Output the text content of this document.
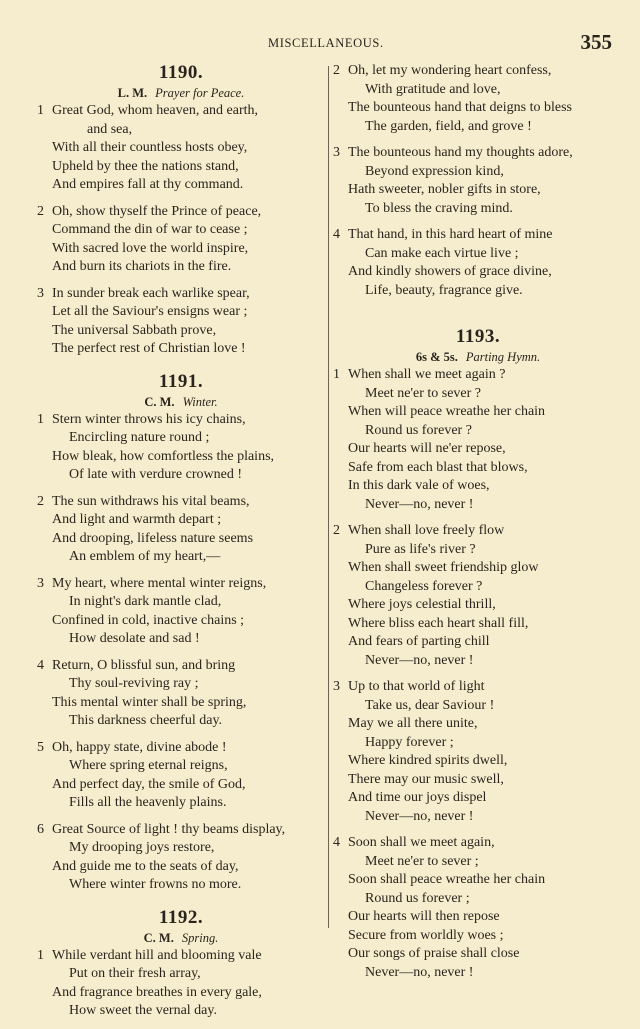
MISCELLANEOUS.	355
1190.
L. M. Prayer for Peace.
1 Great God, whom heaven, and earth,
and sea,
With all their countless hosts obey,
Upheld by thee the nations stand,
And empires fall at thy command.
2 Oh, show thyself the Prince of peace,
Command the din of war to cease ;
With sacred love the world inspire,
And burn its chariots in the fire.
3 In sunder break each warlike spear,
Let all the Saviour's ensigns wear ;
The universal Sabbath prove,
The perfect rest of Christian love !
1191.
C. M. Winter.
1 Stern winter throws his icy chains,
Encircling nature round ;
How bleak, how comfortless the plains,
Of late with verdure crowned !
2 The sun withdraws his vital beams,
And light and warmth depart ;
And drooping, lifeless nature seems
An emblem of my heart,—
3 My heart, where mental winter reigns,
In night's dark mantle clad,
Confined in cold, inactive chains ;
How desolate and sad !
4 Return, O blissful sun, and bring
Thy soul-reviving ray ;
This mental winter shall be spring,
This darkness cheerful day.
5 Oh, happy state, divine abode !
Where spring eternal reigns,
And perfect day, the smile of God,
Fills all the heavenly plains.
6 Great Source of light ! thy beams display,
My drooping joys restore,
And guide me to the seats of day,
Where winter frowns no more.
1192.
C. M. Spring.
1 While verdant hill and blooming vale
Put on their fresh array,
And fragrance breathes in every gale,
How sweet the vernal day.
2 Oh, let my wondering heart confess,
With gratitude and love,
The bounteous hand that deigns to bless
The garden, field, and grove !
3 The bounteous hand my thoughts adore,
Beyond expression kind,
Hath sweeter, nobler gifts in store,
To bless the craving mind.
4 That hand, in this hard heart of mine
Can make each virtue live ;
And kindly showers of grace divine,
Life, beauty, fragrance give.
1193.
6s & 5s. Parting Hymn.
1 When shall we meet again ?
Meet ne'er to sever ?
When will peace wreathe her chain
Round us forever ?
Our hearts will ne'er repose,
Safe from each blast that blows,
In this dark vale of woes,
Never—no, never !
2 When shall love freely flow
Pure as life's river ?
When shall sweet friendship glow
Changeless forever ?
Where joys celestial thrill,
Where bliss each heart shall fill,
And fears of parting chill
Never—no, never !
3 Up to that world of light
Take us, dear Saviour !
May we all there unite,
Happy forever ;
Where kindred spirits dwell,
There may our music swell,
And time our joys dispel
Never—no, never !
4 Soon shall we meet again,
Meet ne'er to sever ;
Soon shall peace wreathe her chain
Round us forever ;
Our hearts will then repose
Secure from worldly woes ;
Our songs of praise shall close
Never—no, never !
